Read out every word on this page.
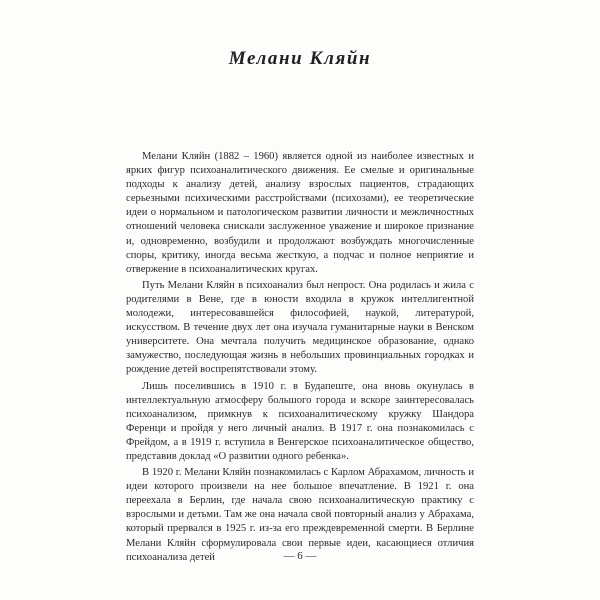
Мелани Кляйн

Мелани Кляйн (1882 – 1960) является одной из наиболее известных и ярких фигур психоаналитического движения. Ее смелые и оригинальные подходы к анализу детей, анализу взрослых пациентов, страдающих серьезными психическими расстройствами (психозами), ее теоретические идеи о нормальном и патологическом развитии личности и межличностных отношений человека снискали заслуженное уважение и широкое признание и, одновременно, возбудили и продолжают возбуждать многочисленные споры, критику, иногда весьма жесткую, а подчас и полное неприятие и отвержение в психоаналитических кругах.

Путь Мелани Кляйн в психоанализ был непрост. Она родилась и жила с родителями в Вене, где в юности входила в кружок интеллигентной молодежи, интересовавшейся философией, наукой, литературой, искусством. В течение двух лет она изучала гуманитарные науки в Венском университете. Она мечтала получить медицинское образование, однако замужество, последующая жизнь в небольших провинциальных городках и рождение детей воспрепятствовали этому.

Лишь поселившись в 1910 г. в Будапеште, она вновь окунулась в интеллектуальную атмосферу большого города и вскоре заинтересовалась психоанализом, примкнув к психоаналитическому кружку Шандора Ференци и пройдя у него личный анализ. В 1917 г. она познакомилась с Фрейдом, а в 1919 г. вступила в Венгерское психоаналитическое общество, представив доклад «О развитии одного ребенка».

В 1920 г. Мелани Кляйн познакомилась с Карлом Абрахамом, личность и идеи которого произвели на нее большое впечатление. В 1921 г. она переехала в Берлин, где начала свою психоаналитическую практику с взрослыми и детьми. Там же она начала свой повторный анализ у Абрахама, который прервался в 1925 г. из-за его преждевременной смерти. В Берлине Мелани Кляйн сформулировала свои первые идеи, касающиеся отличия психоанализа детей	— 6 —
